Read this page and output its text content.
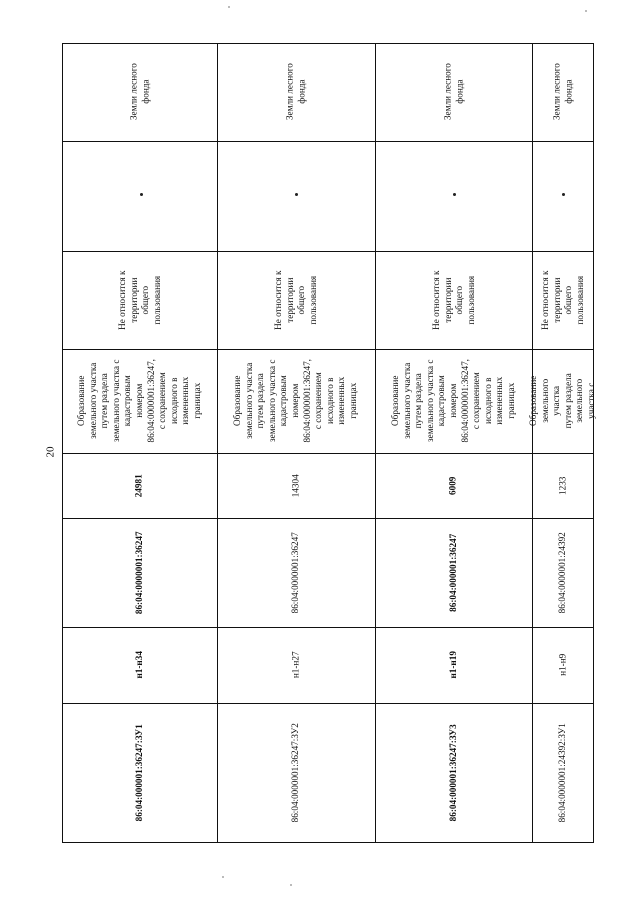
20
Земли лесного
фонда
Не относится к
территории
общего
пользования
Образование
земельного участка
путем раздела
земельного участка с
кадастровым
номером
86:04:0000001:36247,
с сохранением
исходного в
измененных
границах
24981
86:04:0000001:36247
н1-н34
86:04:000001:36247:ЗУ1
Земли лесного
фонда
Не относится к
территории
общего
пользования
Образование
земельного участка
путем раздела
земельного участка с
кадастровым
номером
86:04:0000001:36247,
с сохранением
исходного в
измененных
границах
14304
86:04:0000001:36247
н1-н27
86:04:0000001:36247:ЗУ2
Земли лесного
фонда
Не относится к
территории
общего
пользования
Образование
земельного участка
путем раздела
земельного участка с
кадастровым
номером
86:04:0000001:36247,
с сохранением
исходного в
измененных
границах
6009
86:04:000001:36247
н1-н19
86:04:000001:36247:ЗУ3
Земли лесного
фонда
Не относится к
территории
общего
пользования
Образование
земельного участка
путем раздела
земельного участка с
1233
86:04:0000001:24392
н1-н9
86:04:0000001:24392:ЗУ1
